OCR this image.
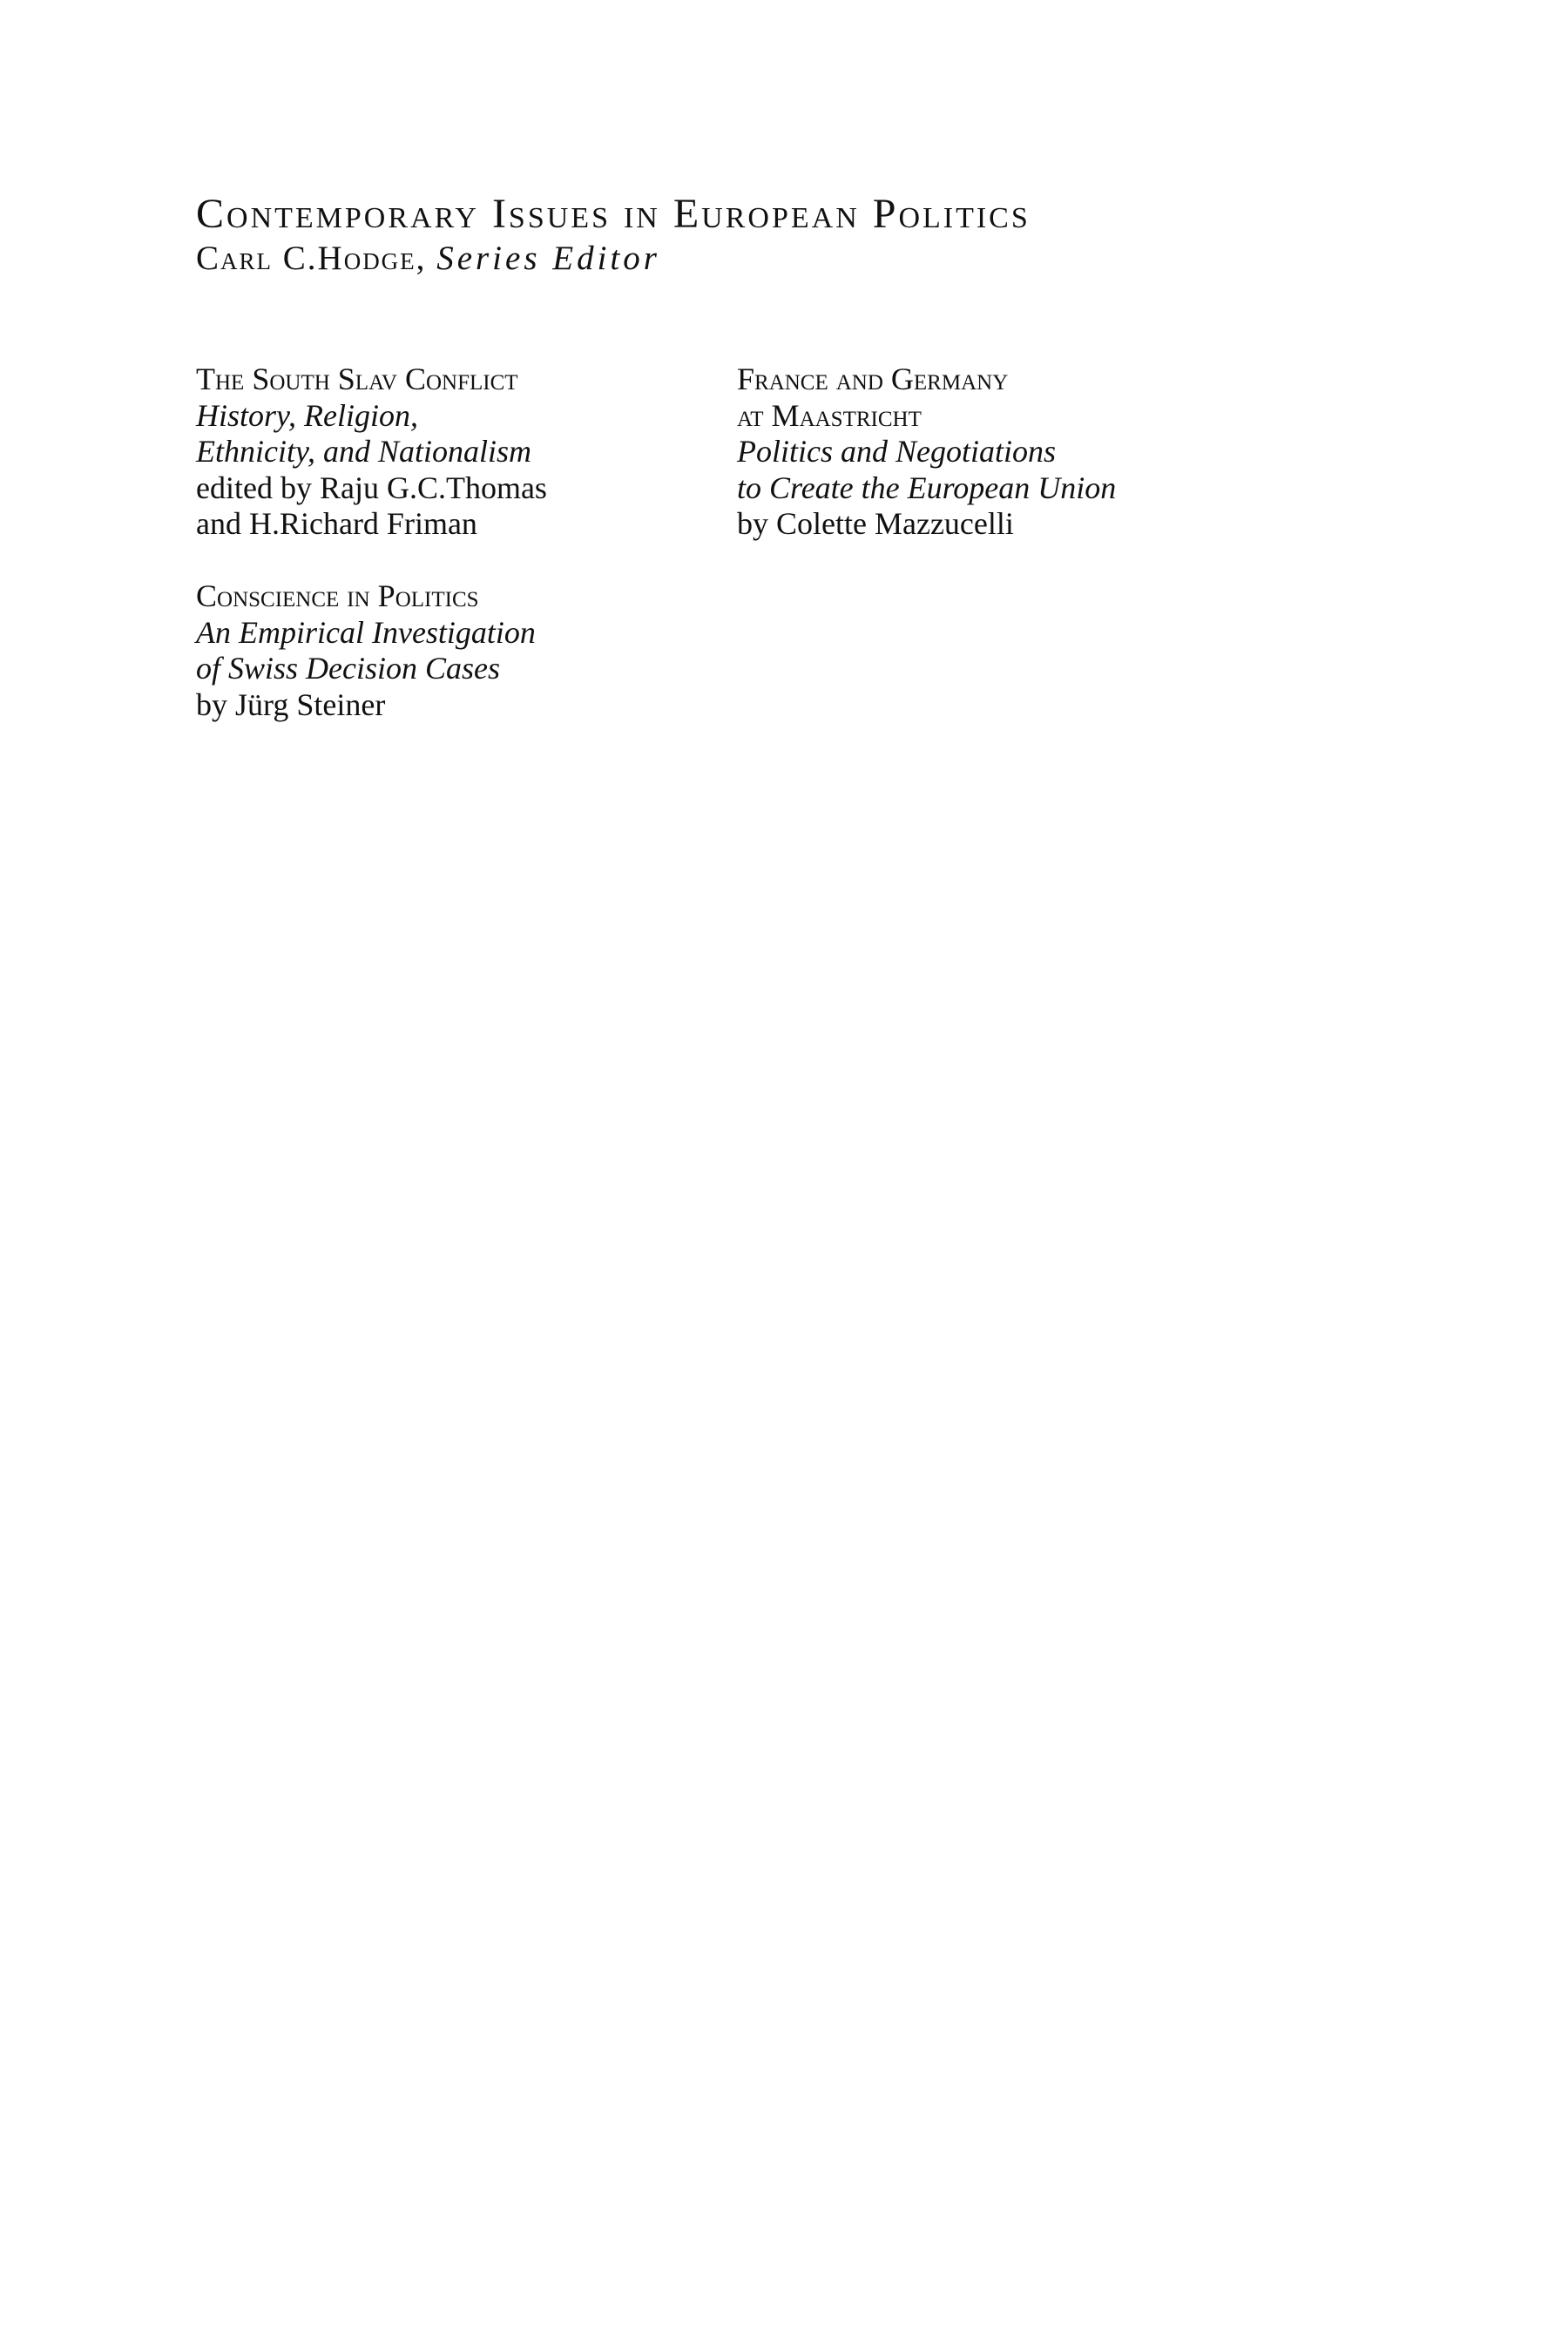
Contemporary Issues in European Politics
Carl C.Hodge, Series Editor
The South Slav Conflict
History, Religion,
Ethnicity, and Nationalism
edited by Raju G.C.Thomas
and H.Richard Friman
France and Germany
at Maastricht
Politics and Negotiations
to Create the European Union
by Colette Mazzucelli
Conscience in Politics
An Empirical Investigation
of Swiss Decision Cases
by Jürg Steiner
